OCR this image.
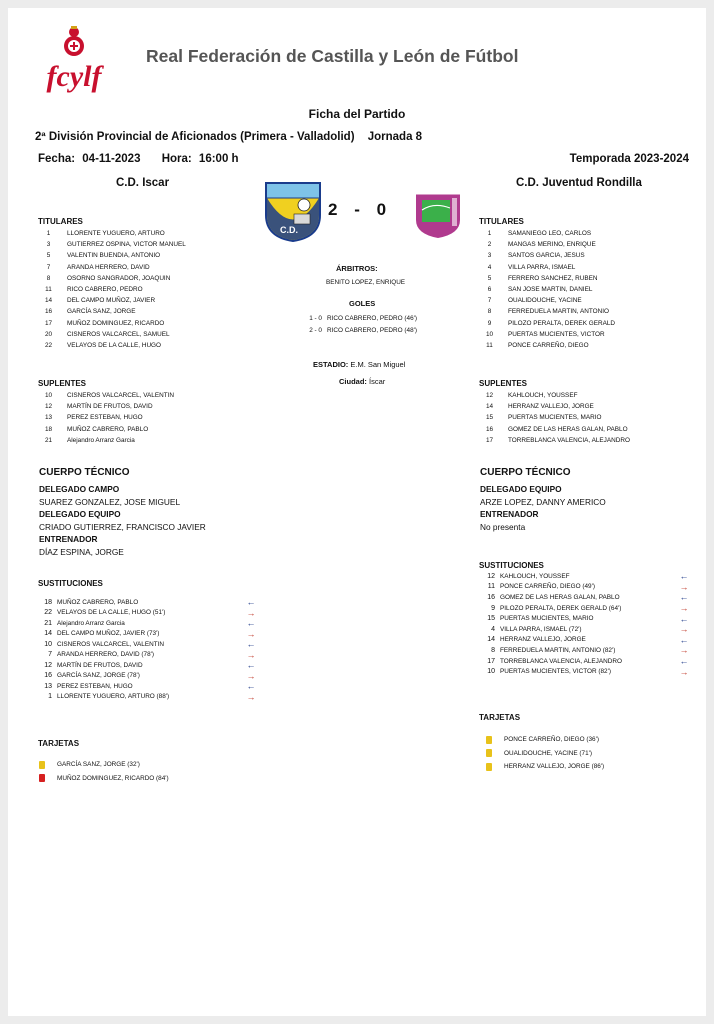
fcylf
Real Federación de Castilla y León de Fútbol
Ficha del Partido
2ª División Provincial de Aficionados (Primera - Valladolid) Jornada 8
Fecha: 04-11-2023 Hora: 16:00 h	Temporada 2023-2024
C.D. Iscar	C.D. Juventud Rondilla
C.D.
2 - 0
TITULARES
1	LLORENTE YUGUERO, ARTURO
3	GUTIERREZ OSPINA, VICTOR MANUEL
5	VALENTIN BUENDIA, ANTONIO
7	ARANDA HERRERO, DAVID
8	OSORNO SANGRADOR, JOAQUIN
11	RICO CABRERO, PEDRO
14	DEL CAMPO MUÑOZ, JAVIER
16	GARCÍA SANZ, JORGE
17	MUÑOZ DOMINGUEZ, RICARDO
20	CISNEROS VALCARCEL, SAMUEL
22	VELAYOS DE LA CALLE, HUGO
TITULARES
1	SAMANIEGO LEO, CARLOS
2	MANGAS MERINO, ENRIQUE
3	SANTOS GARCIA, JESUS
4	VILLA PARRA, ISMAEL
5	FERRERO SANCHEZ, RUBEN
6	SAN JOSE MARTIN, DANIEL
7	OUALIDOUCHE, YACINE
8	FERREDUELA MARTIN, ANTONIO
9	PILOZO PERALTA, DEREK GERALD
10	PUERTAS MUCIENTES, VICTOR
11	PONCE CARREÑO, DIEGO
ÁRBITROS:
BENITO LOPEZ, ENRIQUE
GOLES
1 - 0 RICO CABRERO, PEDRO (46')
2 - 0 RICO CABRERO, PEDRO (48')
ESTADIO: E.M. San Miguel
Ciudad: Íscar
SUPLENTES
10	CISNEROS VALCARCEL, VALENTIN
12	MARTÍN DE FRUTOS, DAVID
13	PEREZ ESTEBAN, HUGO
18	MUÑOZ CABRERO, PABLO
21	Alejandro Arranz Garcia
SUPLENTES
12	KAHLOUCH, YOUSSEF
14	HERRANZ VALLEJO, JORGE
15	PUERTAS MUCIENTES, MARIO
16	GOMEZ DE LAS HERAS GALAN, PABLO
17	TORREBLANCA VALENCIA, ALEJANDRO
CUERPO TÉCNICO
DELEGADO CAMPO
SUAREZ GONZALEZ, JOSE MIGUEL
DELEGADO EQUIPO
CRIADO GUTIERREZ, FRANCISCO JAVIER
ENTRENADOR
DÍAZ ESPINA, JORGE
CUERPO TÉCNICO
DELEGADO EQUIPO
ARZE LOPEZ, DANNY AMERICO
ENTRENADOR
No presenta
SUSTITUCIONES
18 MUÑOZ CABRERO, PABLO	←
22 VELAYOS DE LA CALLE, HUGO (51')	→
21 Alejandro Arranz Garcia	←
14 DEL CAMPO MUÑOZ, JAVIER (73')	→
10 CISNEROS VALCARCEL, VALENTIN	←
7 ARANDA HERRERO, DAVID (78')	→
12 MARTÍN DE FRUTOS, DAVID	←
16 GARCÍA SANZ, JORGE (78')	→
13 PEREZ ESTEBAN, HUGO	←
1 LLORENTE YUGUERO, ARTURO (88')	→
SUSTITUCIONES
12 KAHLOUCH, YOUSSEF	←
11 PONCE CARREÑO, DIEGO (49')	→
16 GOMEZ DE LAS HERAS GALAN, PABLO	←
9 PILOZO PERALTA, DEREK GERALD (64')	→
15 PUERTAS MUCIENTES, MARIO	←
4 VILLA PARRA, ISMAEL (72')	→
14 HERRANZ VALLEJO, JORGE	←
8 FERREDUELA MARTIN, ANTONIO (82')	→
17 TORREBLANCA VALENCIA, ALEJANDRO	←
10 PUERTAS MUCIENTES, VICTOR (82')	→
TARJETAS
GARCÍA SANZ, JORGE (32')
MUÑOZ DOMINGUEZ, RICARDO (84')
TARJETAS
PONCE CARREÑO, DIEGO (36')
OUALIDOUCHE, YACINE (71')
HERRANZ VALLEJO, JORGE (86')
